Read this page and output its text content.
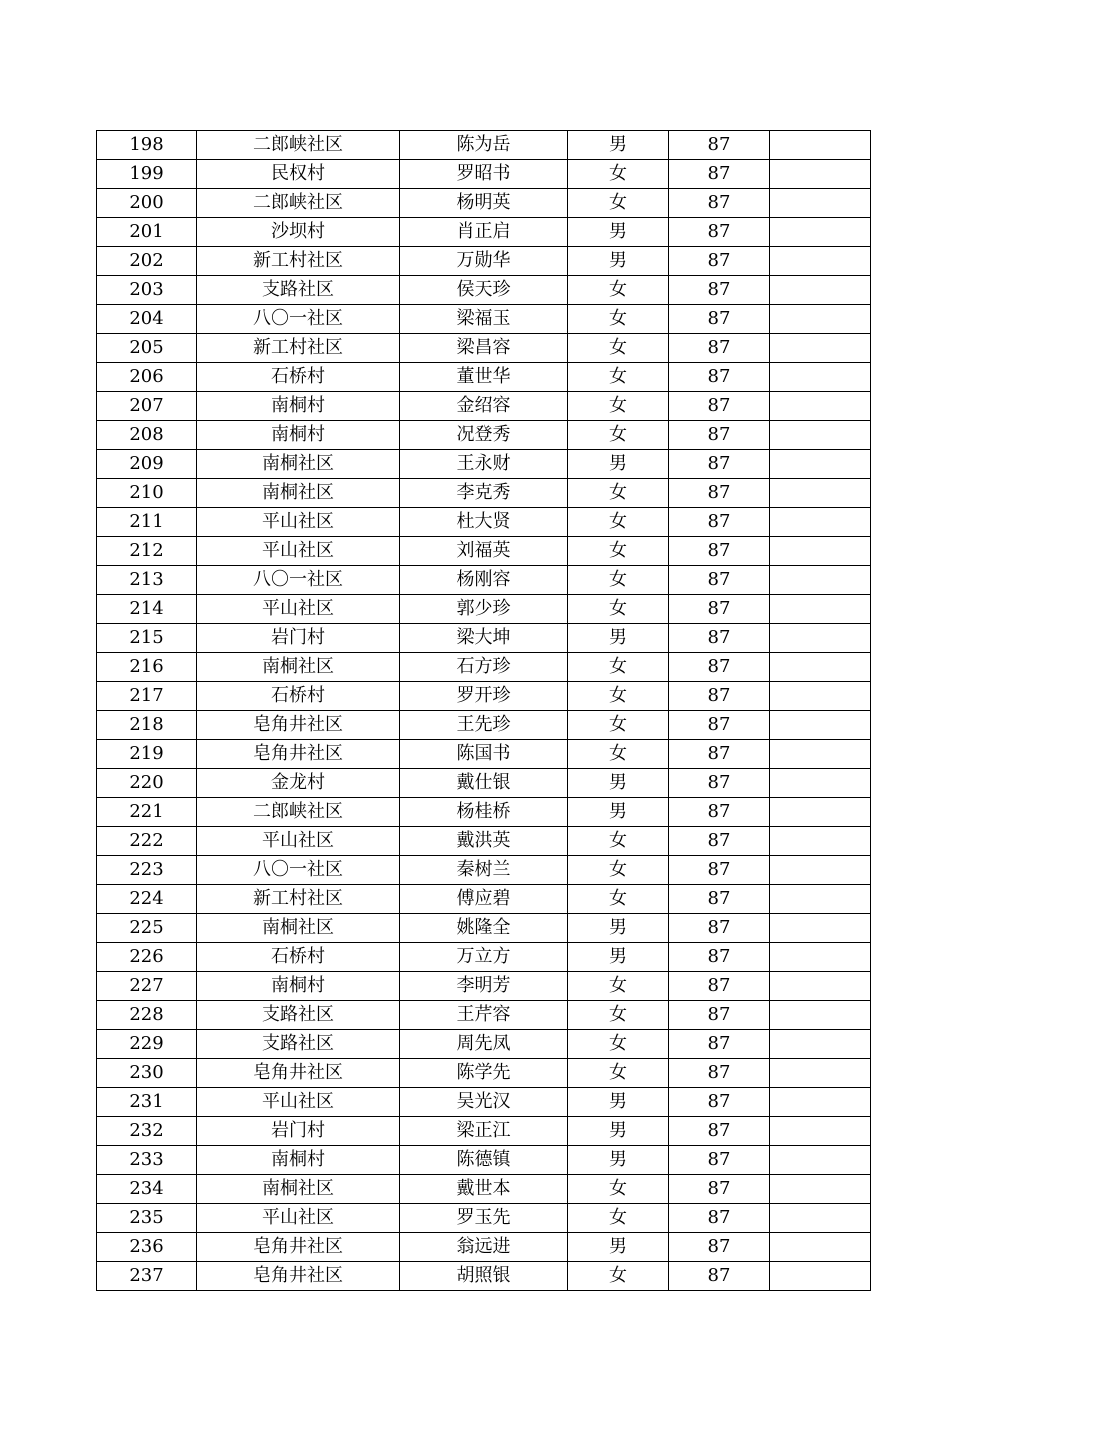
198	二郎峡社区	陈为岳	男	87	
199	民权村	罗昭书	女	87	
200	二郎峡社区	杨明英	女	87	
201	沙坝村	肖正启	男	87	
202	新工村社区	万勋华	男	87	
203	支路社区	侯天珍	女	87	
204	八〇一社区	梁福玉	女	87	
205	新工村社区	梁昌容	女	87	
206	石桥村	董世华	女	87	
207	南桐村	金绍容	女	87	
208	南桐村	况登秀	女	87	
209	南桐社区	王永财	男	87	
210	南桐社区	李克秀	女	87	
211	平山社区	杜大贤	女	87	
212	平山社区	刘福英	女	87	
213	八〇一社区	杨刚容	女	87	
214	平山社区	郭少珍	女	87	
215	岩门村	梁大坤	男	87	
216	南桐社区	石方珍	女	87	
217	石桥村	罗开珍	女	87	
218	皂角井社区	王先珍	女	87	
219	皂角井社区	陈国书	女	87	
220	金龙村	戴仕银	男	87	
221	二郎峡社区	杨桂桥	男	87	
222	平山社区	戴洪英	女	87	
223	八〇一社区	秦树兰	女	87	
224	新工村社区	傅应碧	女	87	
225	南桐社区	姚隆全	男	87	
226	石桥村	万立方	男	87	
227	南桐村	李明芳	女	87	
228	支路社区	王芹容	女	87	
229	支路社区	周先凤	女	87	
230	皂角井社区	陈学先	女	87	
231	平山社区	吴光汉	男	87	
232	岩门村	梁正江	男	87	
233	南桐村	陈德镇	男	87	
234	南桐社区	戴世本	女	87	
235	平山社区	罗玉先	女	87	
236	皂角井社区	翁远进	男	87	
237	皂角井社区	胡照银	女	87	
